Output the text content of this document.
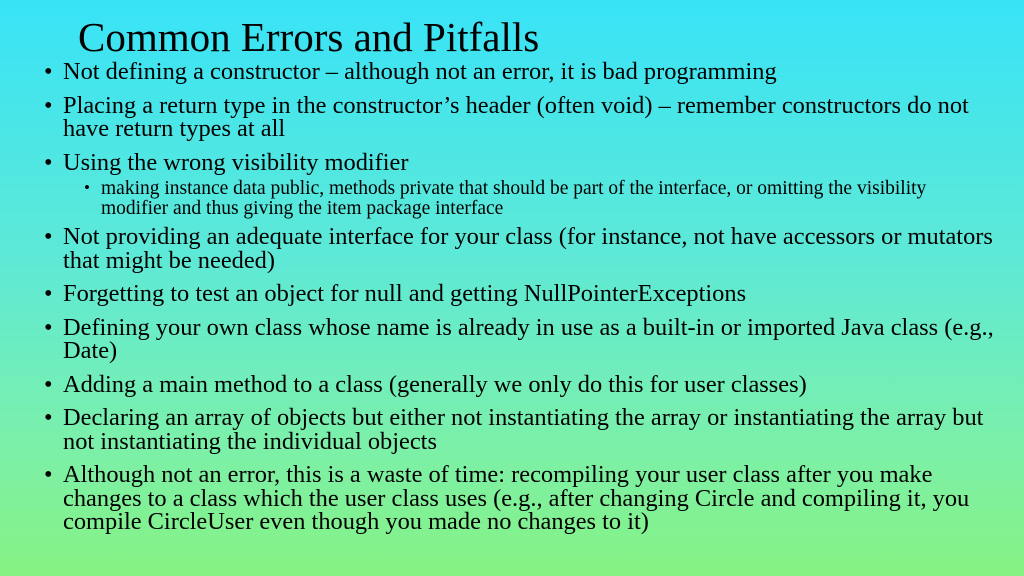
Common Errors and Pitfalls
• Not defining a constructor – although not an error, it is bad programming
• Placing a return type in the constructor’s header (often void) – remember constructors do not have return types at all
• Using the wrong visibility modifier
• making instance data public, methods private that should be part of the interface, or omitting the visibility modifier and thus giving the item package interface
• Not providing an adequate interface for your class (for instance, not have accessors or mutators that might be needed)
• Forgetting to test an object for null and getting NullPointerExceptions
• Defining your own class whose name is already in use as a built-in or imported Java class (e.g., Date)
• Adding a main method to a class (generally we only do this for user classes)
• Declaring an array of objects but either not instantiating the array or instantiating the array but not instantiating the individual objects
• Although not an error, this is a waste of time: recompiling your user class after you make changes to a class which the user class uses (e.g., after changing Circle and compiling it, you compile CircleUser even though you made no changes to it)
